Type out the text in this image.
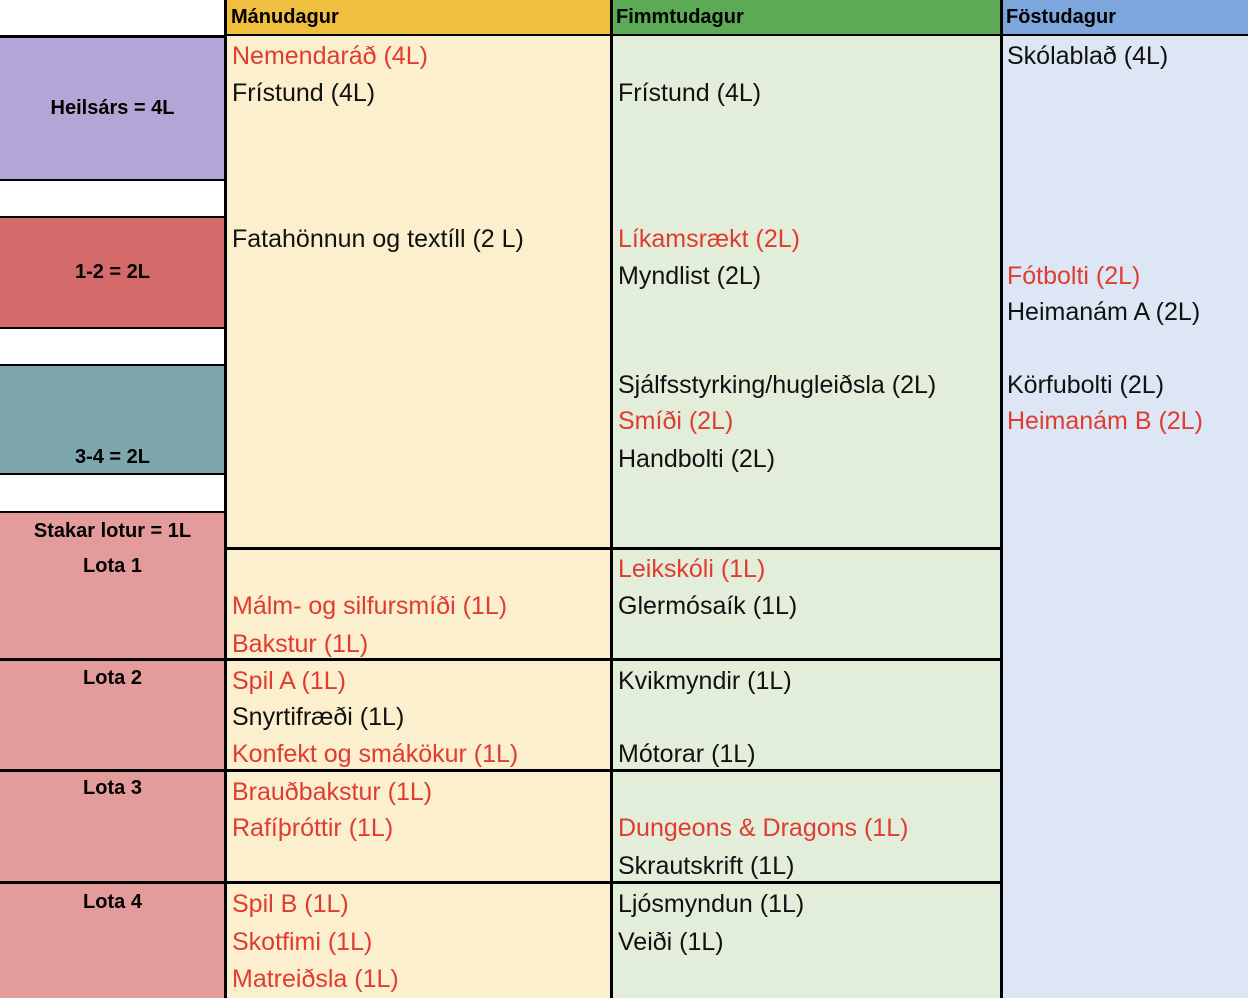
Mánudagur	Fimmtudagur	Föstudagur
Heilsárs = 4L
1-2 = 2L
3-4 = 2L
Stakar lotur = 1L
Lota 1
Lota 2
Lota 3
Lota 4
Nemendaráð (4L)
Frístund (4L)
Fatahönnun og textíll (2 L)
Málm- og silfursmíði (1L)
Bakstur (1L)
Spil A (1L)
Snyrtifræði (1L)
Konfekt og smákökur (1L)
Brauðbakstur (1L)
Rafíþróttir (1L)
Spil B (1L)
Skotfimi (1L)
Matreiðsla (1L)
Frístund (4L)
Líkamsrækt (2L)
Myndlist (2L)
Sjálfsstyrking/hugleiðsla (2L)
Smíði (2L)
Handbolti (2L)
Leikskóli (1L)
Glermósaík (1L)
Kvikmyndir (1L)
Mótorar (1L)
Dungeons & Dragons (1L)
Skrautskrift (1L)
Ljósmyndun (1L)
Veiði (1L)
Skólablað (4L)
Fótbolti (2L)
Heimanám A (2L)
Körfubolti (2L)
Heimanám B (2L)
